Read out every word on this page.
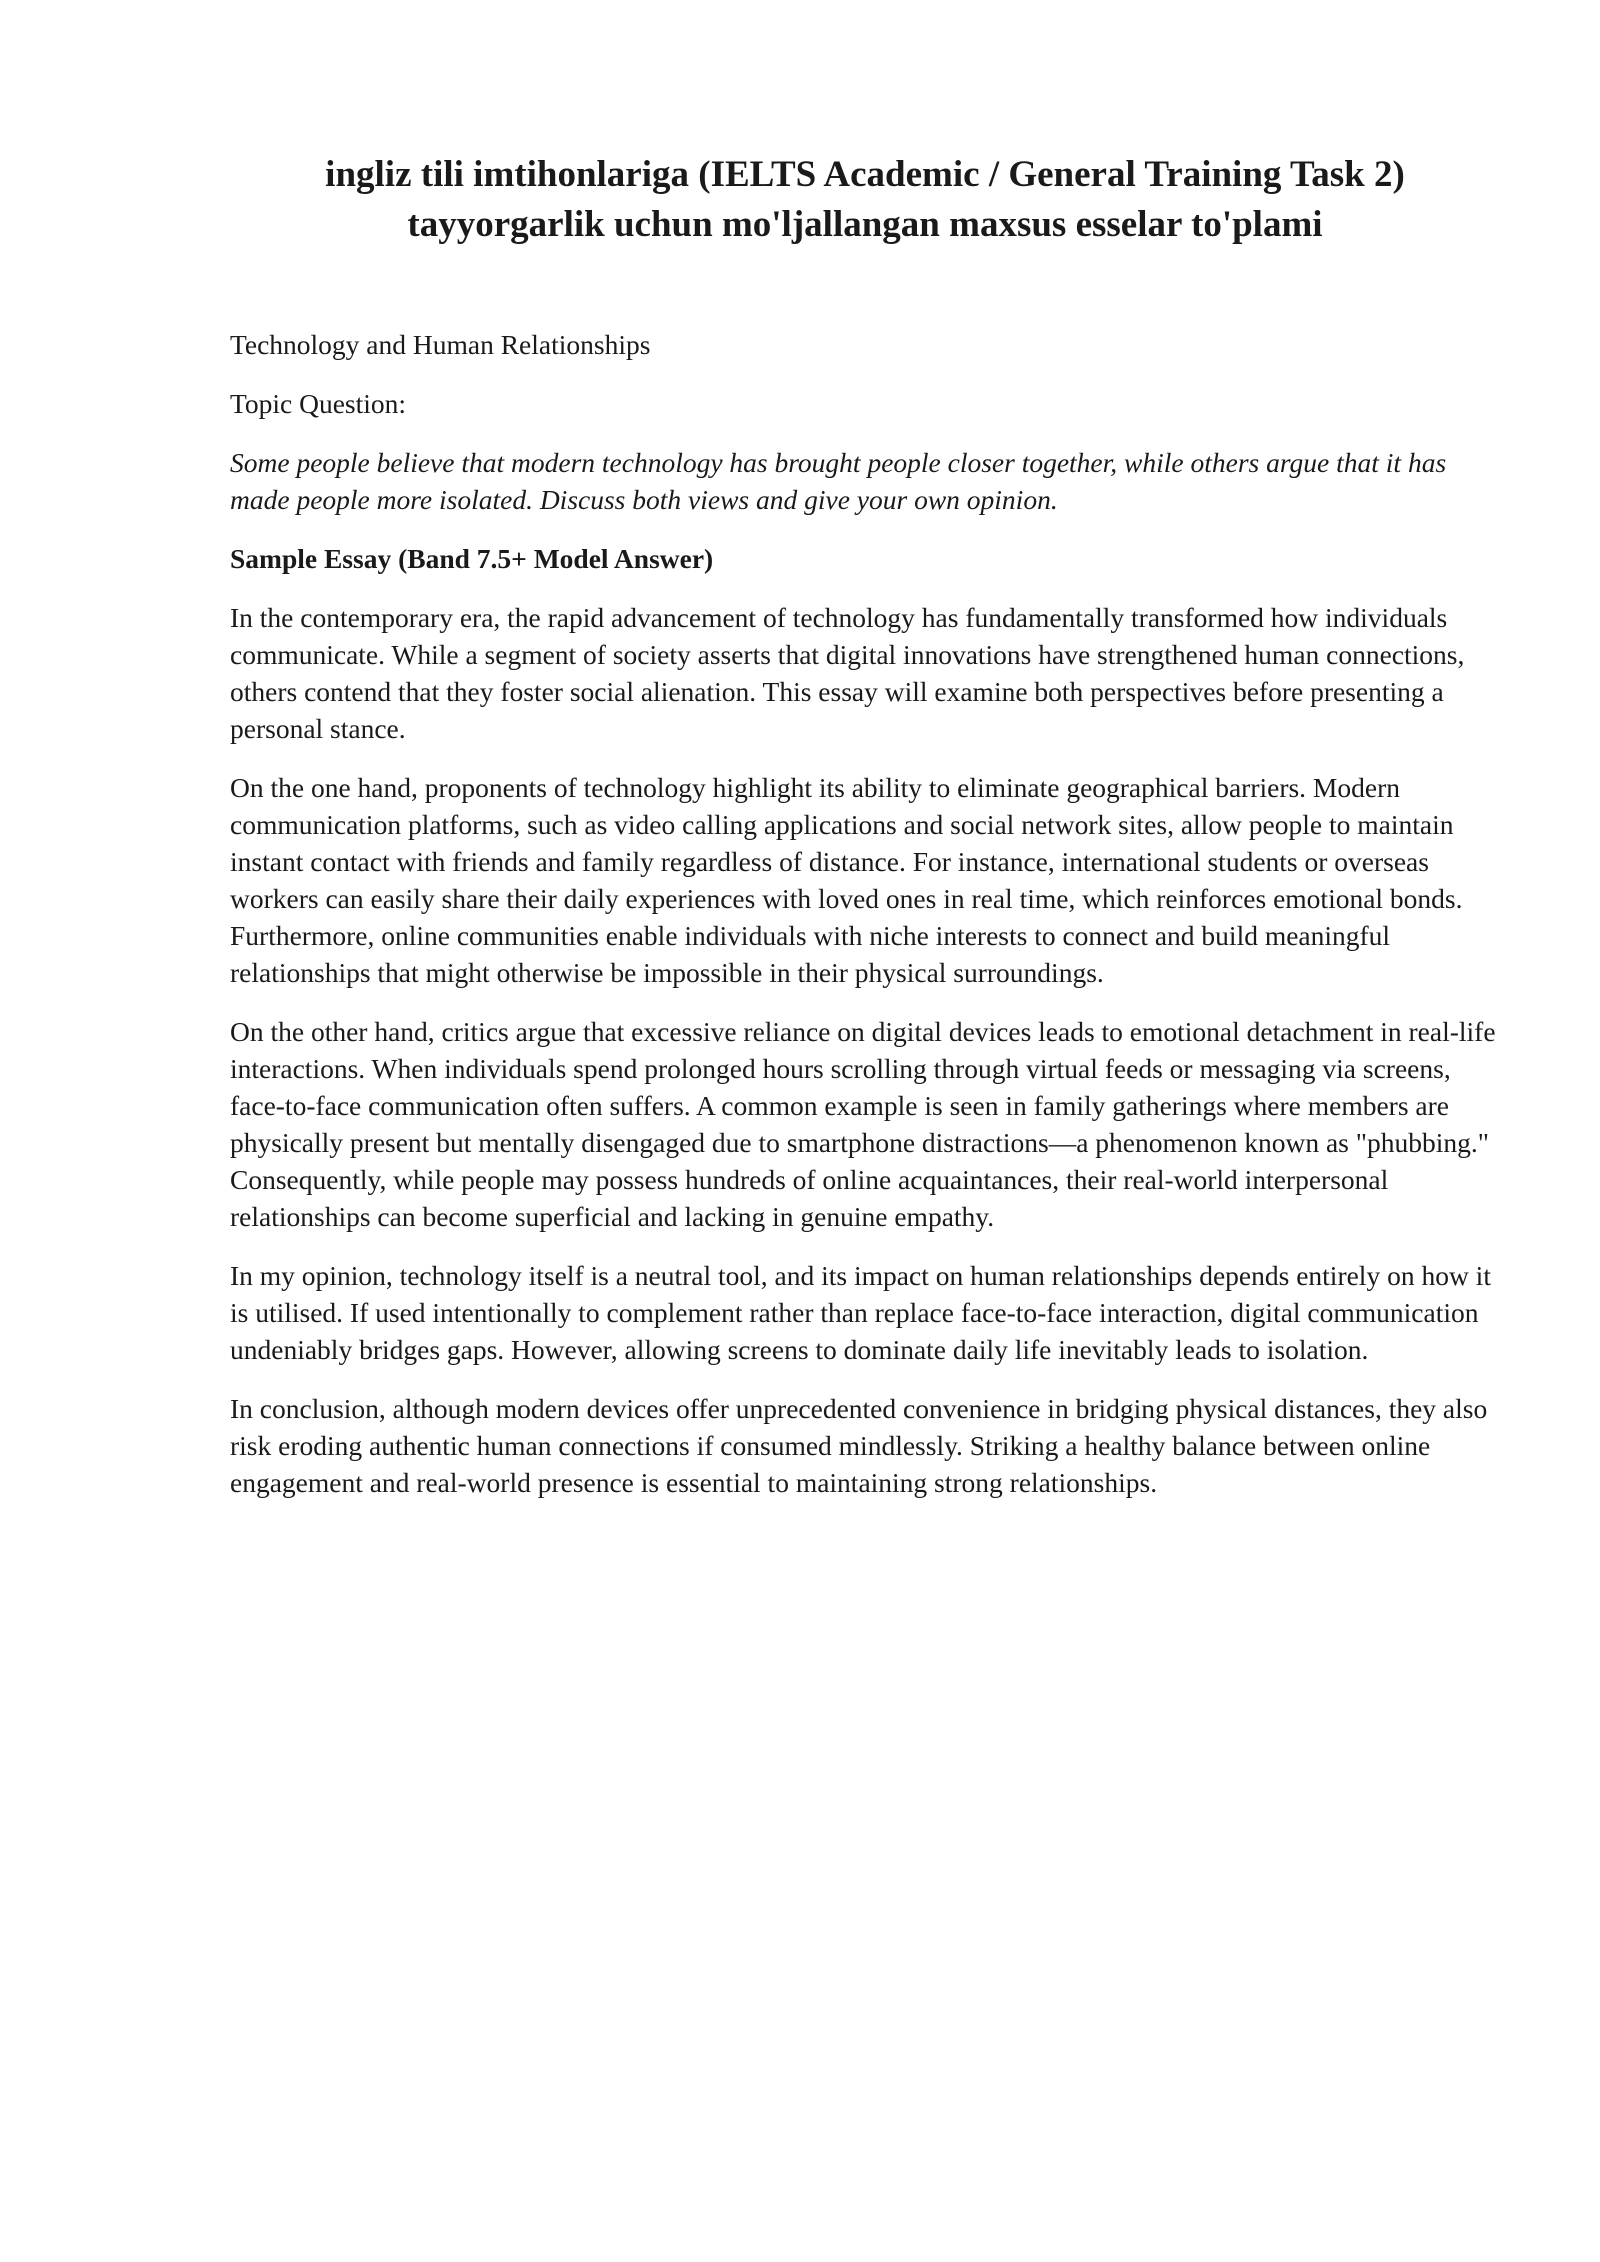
ingliz tili imtihonlariga (IELTS Academic / General Training Task 2)
tayyorgarlik uchun mo'ljallangan maxsus esselar to'plami

Technology and Human Relationships

Topic Question:

Some people believe that modern technology has brought people closer together, while others argue that it has made people more isolated. Discuss both views and give your own opinion.

Sample Essay (Band 7.5+ Model Answer)

In the contemporary era, the rapid advancement of technology has fundamentally transformed how individuals communicate. While a segment of society asserts that digital innovations have strengthened human connections, others contend that they foster social alienation. This essay will examine both perspectives before presenting a personal stance.

On the one hand, proponents of technology highlight its ability to eliminate geographical barriers. Modern communication platforms, such as video calling applications and social network sites, allow people to maintain instant contact with friends and family regardless of distance. For instance, international students or overseas workers can easily share their daily experiences with loved ones in real time, which reinforces emotional bonds. Furthermore, online communities enable individuals with niche interests to connect and build meaningful relationships that might otherwise be impossible in their physical surroundings.

On the other hand, critics argue that excessive reliance on digital devices leads to emotional detachment in real-life interactions. When individuals spend prolonged hours scrolling through virtual feeds or messaging via screens, face-to-face communication often suffers. A common example is seen in family gatherings where members are physically present but mentally disengaged due to smartphone distractions—a phenomenon known as "phubbing." Consequently, while people may possess hundreds of online acquaintances, their real-world interpersonal relationships can become superficial and lacking in genuine empathy.

In my opinion, technology itself is a neutral tool, and its impact on human relationships depends entirely on how it is utilised. If used intentionally to complement rather than replace face-to-face interaction, digital communication undeniably bridges gaps. However, allowing screens to dominate daily life inevitably leads to isolation.

In conclusion, although modern devices offer unprecedented convenience in bridging physical distances, they also risk eroding authentic human connections if consumed mindlessly. Striking a healthy balance between online engagement and real-world presence is essential to maintaining strong relationships.
